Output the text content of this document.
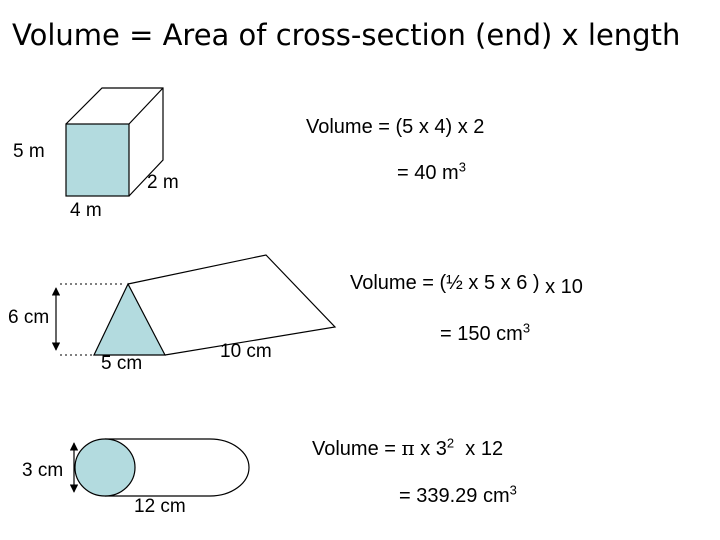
Volume = Area of cross-section (end) x length
5 m
4 m
2 m
Volume = (5 x 4) x 2
= 40 $m^3$
6 cm
5 cm
10 cm
Volume = (½ x 5 x 6 ) x 10
= 150 $cm^3$
3 cm
12 cm
Volume = π x $3^2$  x 12
= 339.29 $cm^3$
